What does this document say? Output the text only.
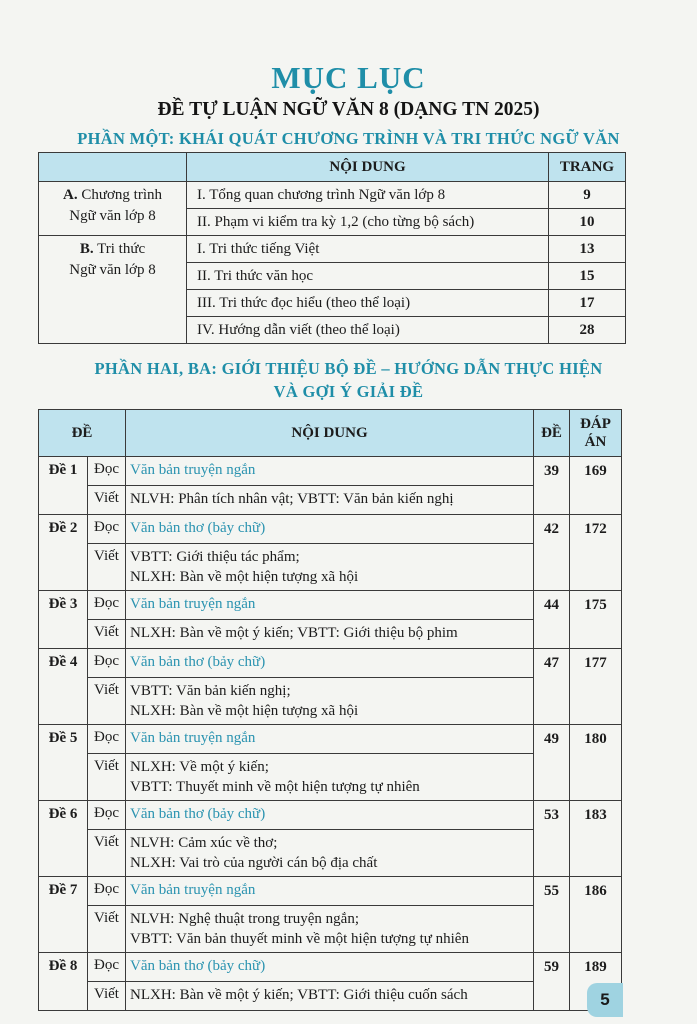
MỤC LỤC
ĐỀ TỰ LUẬN NGỮ VĂN 8 (DẠNG TN 2025)
PHẦN MỘT: KHÁI QUÁT CHƯƠNG TRÌNH VÀ TRI THỨC NGỮ VĂN
	NỘI DUNG	TRANG
A. Chương trình
Ngữ văn lớp 8	I. Tổng quan chương trình Ngữ văn lớp 8	9
	II. Phạm vi kiểm tra kỳ 1,2 (cho từng bộ sách)	10
B. Tri thức
Ngữ văn lớp 8	I. Tri thức tiếng Việt	13
	II. Tri thức văn học	15
	III. Tri thức đọc hiểu (theo thể loại)	17
	IV. Hướng dẫn viết (theo thể loại)	28
PHẦN HAI, BA: GIỚI THIỆU BỘ ĐỀ – HƯỚNG DẪN THỰC HIỆN
VÀ GỢI Ý GIẢI ĐỀ
ĐỀ		NỘI DUNG	ĐỀ	ĐÁP
ÁN
Đề 1	Đọc	Văn bản truyện ngắn	39	169
	Viết	NLVH: Phân tích nhân vật; VBTT: Văn bản kiến nghị		
Đề 2	Đọc	Văn bản thơ (bảy chữ)	42	172
	Viết	VBTT: Giới thiệu tác phẩm;
NLXH: Bàn về một hiện tượng xã hội		
Đề 3	Đọc	Văn bản truyện ngắn	44	175
	Viết	NLXH: Bàn về một ý kiến; VBTT: Giới thiệu bộ phim		
Đề 4	Đọc	Văn bản thơ (bảy chữ)	47	177
	Viết	VBTT: Văn bản kiến nghị;
NLXH: Bàn về một hiện tượng xã hội		
Đề 5	Đọc	Văn bản truyện ngắn	49	180
	Viết	NLXH: Về một ý kiến;
VBTT: Thuyết minh về một hiện tượng tự nhiên		
Đề 6	Đọc	Văn bản thơ (bảy chữ)	53	183
	Viết	NLVH: Cảm xúc về thơ;
NLXH: Vai trò của người cán bộ địa chất		
Đề 7	Đọc	Văn bản truyện ngắn	55	186
	Viết	NLVH: Nghệ thuật trong truyện ngắn;
VBTT: Văn bản thuyết minh về một hiện tượng tự nhiên		
Đề 8	Đọc	Văn bản thơ (bảy chữ)	59	189
	Viết	NLXH: Bàn về một ý kiến; VBTT: Giới thiệu cuốn sách			5
